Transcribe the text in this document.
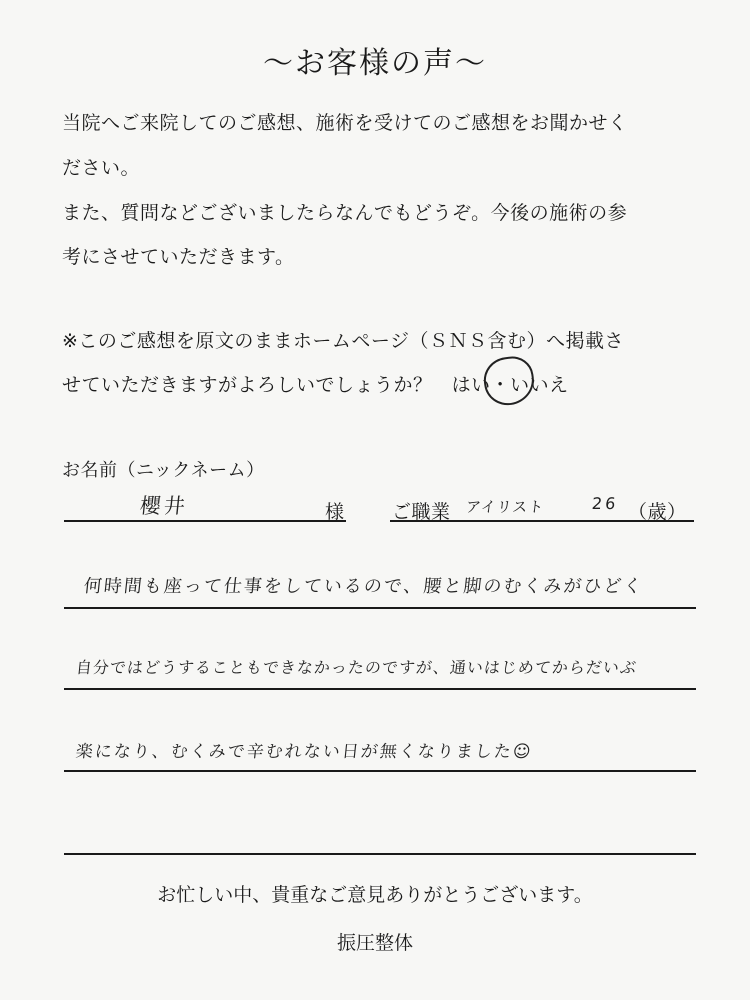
〜お客様の声〜
当院へご来院してのご感想、施術を受けてのご感想をお聞かせく
ださい。
また、質問などございましたらなんでもどうぞ。今後の施術の参
考にさせていただきます。
※このご感想を原文のままホームページ（ＳＮＳ含む）へ掲載さ
せていただきますがよろしいでしょうか？ はい・いいえ
お名前（ニックネーム）
櫻井	様 ご職業 アイリスト	26 （歳）
何時間も座って仕事をしているので、腰と脚のむくみがひどく
自分ではどうすることもできなかったのですが、通いはじめてからだいぶ
楽になり、むくみで辛むれない日が無くなりました☺
お忙しい中、貴重なご意見ありがとうございます。
振圧整体
